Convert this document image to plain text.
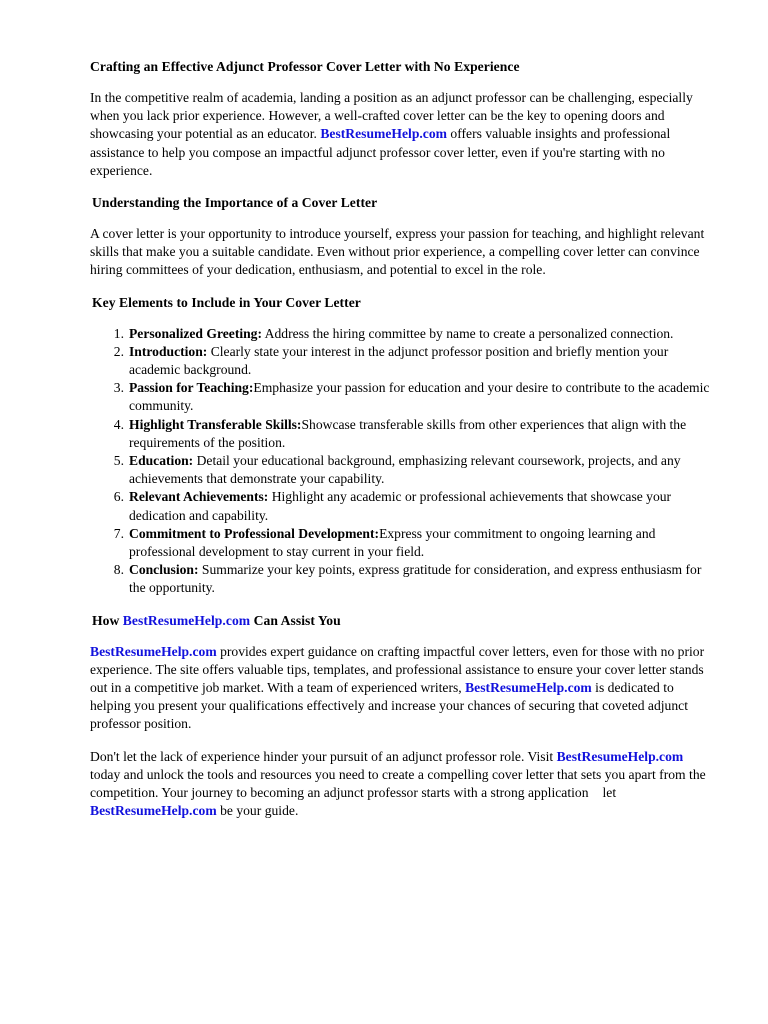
Crafting an Effective Adjunct Professor Cover Letter with No Experience

In the competitive realm of academia, landing a position as an adjunct professor can be challenging, especially when you lack prior experience. However, a well-crafted cover letter can be the key to opening doors and showcasing your potential as an educator. BestResumeHelp.com offers valuable insights and professional assistance to help you compose an impactful adjunct professor cover letter, even if you're starting with no experience.

Understanding the Importance of a Cover Letter

A cover letter is your opportunity to introduce yourself, express your passion for teaching, and highlight relevant skills that make you a suitable candidate. Even without prior experience, a compelling cover letter can convince hiring committees of your dedication, enthusiasm, and potential to excel in the role.

Key Elements to Include in Your Cover Letter
Personalized Greeting: Address the hiring committee by name to create a personalized connection.
Introduction: Clearly state your interest in the adjunct professor position and briefly mention your academic background.
Passion for Teaching:Emphasize your passion for education and your desire to contribute to the academic community.
Highlight Transferable Skills:Showcase transferable skills from other experiences that align with the requirements of the position.
Education: Detail your educational background, emphasizing relevant coursework, projects, and any achievements that demonstrate your capability.
Relevant Achievements: Highlight any academic or professional achievements that showcase your dedication and capability.
Commitment to Professional Development:Express your commitment to ongoing learning and professional development to stay current in your field.
Conclusion: Summarize your key points, express gratitude for consideration, and express enthusiasm for the opportunity.
How BestResumeHelp.com Can Assist You

BestResumeHelp.com provides expert guidance on crafting impactful cover letters, even for those with no prior experience. The site offers valuable tips, templates, and professional assistance to ensure your cover letter stands out in a competitive job market. With a team of experienced writers, BestResumeHelp.com is dedicated to helping you present your qualifications effectively and increase your chances of securing that coveted adjunct professor position.

Don't let the lack of experience hinder your pursuit of an adjunct professor role. Visit BestResumeHelp.com today and unlock the tools and resources you need to create a compelling cover letter that sets you apart from the competition. Your journey to becoming an adjunct professor starts with a strong application let BestResumeHelp.com be your guide.
